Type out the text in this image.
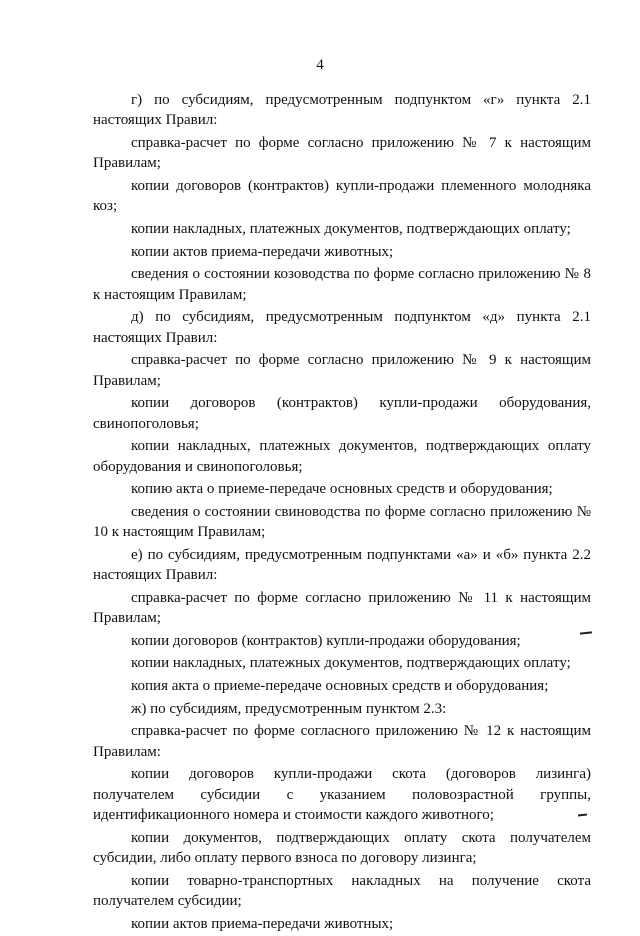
4

г) по субсидиям, предусмотренным подпунктом «г» пункта 2.1 настоящих Правил:

справка-расчет по форме согласно приложению № 7 к настоящим Правилам;

копии договоров (контрактов) купли-продажи племенного молодняка коз;

копии накладных, платежных документов, подтверждающих оплату;

копии актов приема-передачи животных;

сведения о состоянии козоводства по форме согласно приложению № 8 к настоящим Правилам;

д) по субсидиям, предусмотренным подпунктом «д» пункта 2.1 настоящих Правил:

справка-расчет по форме согласно приложению № 9 к настоящим Правилам;

копии договоров (контрактов) купли-продажи оборудования, свинопоголовья;

копии накладных, платежных документов, подтверждающих оплату оборудования и свинопоголовья;

копию акта о приеме-передаче основных средств и оборудования;

сведения о состоянии свиноводства по форме согласно приложению № 10 к настоящим Правилам;

е) по субсидиям, предусмотренным подпунктами «а» и «б» пункта 2.2 настоящих Правил:

справка-расчет по форме согласно приложению № 11 к настоящим Правилам;

копии договоров (контрактов) купли-продажи оборудования;

копии накладных, платежных документов, подтверждающих оплату;

копия акта о приеме-передаче основных средств и оборудования;

ж) по субсидиям, предусмотренным пунктом 2.3:

справка-расчет по форме согласного приложению № 12 к настоящим Правилам:

копии договоров купли-продажи скота (договоров лизинга) получателем субсидии с указанием половозрастной группы, идентификационного номера и стоимости каждого животного;

копии документов, подтверждающих оплату скота получателем субсидии, либо оплату первого взноса по договору лизинга;

копии товарно-транспортных накладных на получение скота получателем субсидии;

копии актов приема-передачи животных;
